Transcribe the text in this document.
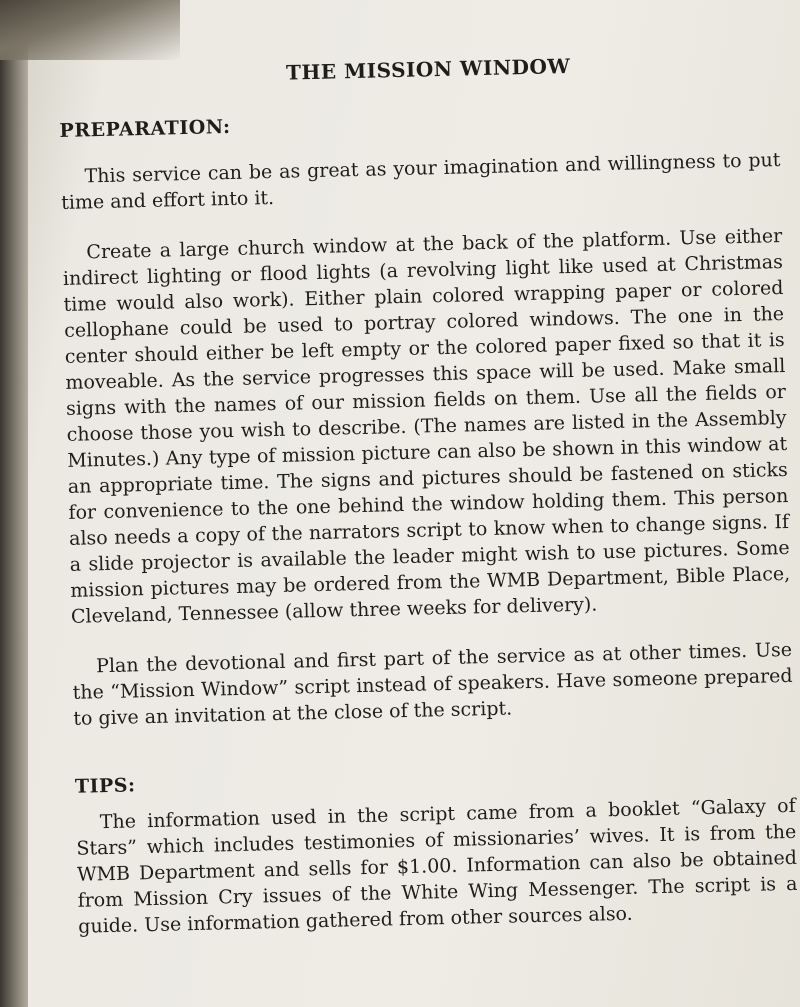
THE MISSION WINDOW
PREPARATION:

This service can be as great as your imagination and willingness to put time and effort into it.

Create a large church window at the back of the platform. Use either indirect lighting or flood lights (a revolving light like used at Christmas time would also work). Either plain colored wrapping paper or colored cellophane could be used to portray colored windows. The one in the center should either be left empty or the colored paper fixed so that it is moveable. As the service progresses this space will be used. Make small signs with the names of our mission fields on them. Use all the fields or choose those you wish to describe. (The names are listed in the Assembly Minutes.) Any type of mission picture can also be shown in this window at an appropriate time. The signs and pictures should be fastened on sticks for convenience to the one behind the window holding them. This person also needs a copy of the narrators script to know when to change signs. If a slide projector is available the leader might wish to use pictures. Some mission pictures may be ordered from the WMB Department, Bible Place, Cleveland, Tennessee (allow three weeks for delivery).

Plan the devotional and first part of the service as at other times. Use the “Mission Window” script instead of speakers. Have someone prepared to give an invitation at the close of the script.

TIPS:

The information used in the script came from a booklet “Galaxy of Stars” which includes testimonies of missionaries’ wives. It is from the WMB Department and sells for $1.00. Information can also be obtained from Mission Cry issues of the White Wing Messenger. The script is a guide. Use information gathered from other sources also.
